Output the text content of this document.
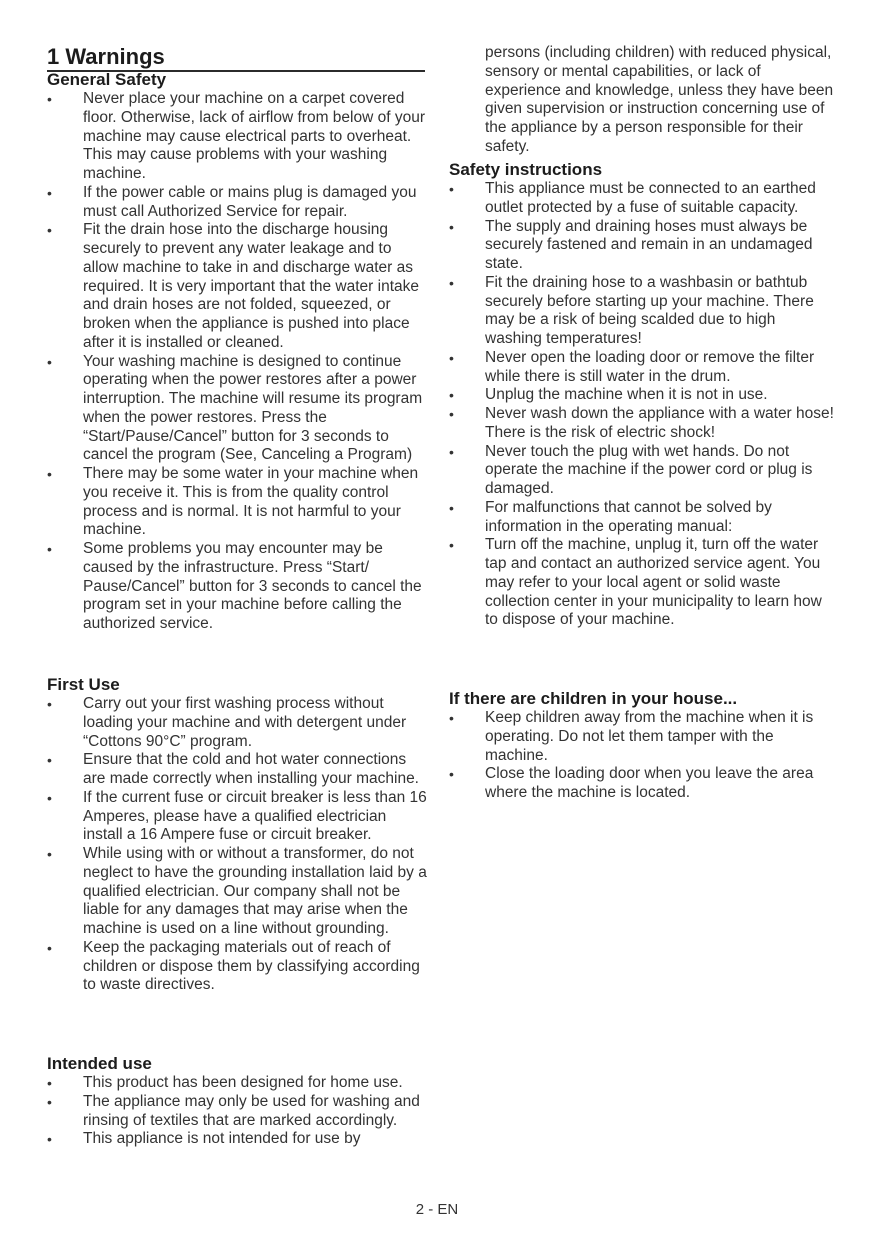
1 Warnings
General Safety
•	Never place your machine on a carpet covered floor. Otherwise, lack of airflow from below of your machine may cause electrical parts to overheat. This may cause problems with your washing machine.
•	If the power cable or mains plug is damaged you must call Authorized Service for repair.
•	Fit the drain hose into the discharge housing securely to prevent any water leakage and to allow machine to take in and discharge water as required. It is very important that the water intake and drain hoses are not folded, squeezed, or broken when the appliance is pushed into place after it is installed or cleaned.
•	Your washing machine is designed to continue operating when the power restores after a power interruption. The machine will resume its program when the power restores. Press the “Start/Pause/Cancel” button for 3 seconds to cancel the program (See, Canceling a Program)
•	There may be some water in your machine when you receive it. This is from the quality control process and is normal. It is not harmful to your machine.
•	Some problems you may encounter may be caused by the infrastructure. Press “Start/ Pause/Cancel” button for 3 seconds to cancel the program set in your machine before calling the authorized service.
First Use
•	Carry out your first washing process without loading your machine and with detergent under “Cottons 90°C” program.
•	Ensure that the cold and hot water connections are made correctly when installing your machine.
•	If the current fuse or circuit breaker is less than 16 Amperes, please have a qualified electrician install a 16 Ampere fuse or circuit breaker.
•	While using with or without a transformer, do not neglect to have the grounding installation laid by a qualified electrician. Our company shall not be liable for any damages that may arise when the machine is used on a line without grounding.
•	Keep the packaging materials out of reach of children or dispose them by classifying according to waste directives.
Intended use
•	This product has been designed for home use.
•	The appliance may only be used for washing and rinsing of textiles that are marked accordingly.
•	This appliance is not intended for use by
persons (including children) with reduced physical, sensory or mental capabilities, or lack of experience and knowledge, unless they have been given supervision or instruction concerning use of the appliance by a person responsible for their safety.
Safety instructions
•	This appliance must be connected to an earthed outlet protected by a fuse of suitable capacity.
•	The supply and draining hoses must always be securely fastened and remain in an undamaged state.
•	Fit the draining hose to a washbasin or bathtub securely before starting up your machine. There may be a risk of being scalded due to high washing temperatures!
•	Never open the loading door or remove the filter while there is still water in the drum.
•	Unplug the machine when it is not in use.
•	Never wash down the appliance with a water hose! There is the risk of electric shock!
•	Never touch the plug with wet hands. Do not operate the machine if the power cord or plug is damaged.
•	For malfunctions that cannot be solved by information in the operating manual:
•	Turn off the machine, unplug it, turn off the water tap and contact an authorized service agent. You may refer to your local agent or solid waste collection center in your municipality to learn how to dispose of your machine.
If there are children in your house...
•	Keep children away from the machine when it is operating. Do not let them tamper with the machine.
•	Close the loading door when you leave the area where the machine is located.
2 - EN
